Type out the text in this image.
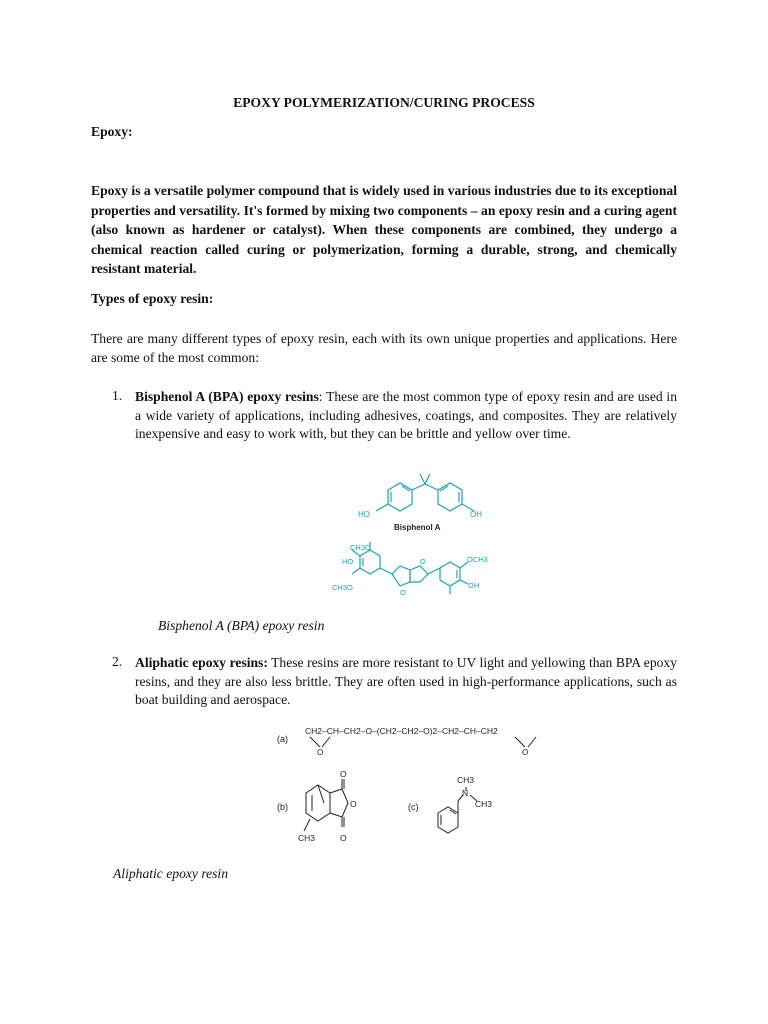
EPOXY POLYMERIZATION/CURING PROCESS
Epoxy:
Epoxy is a versatile polymer compound that is widely used in various industries due to its exceptional properties and versatility. It's formed by mixing two components – an epoxy resin and a curing agent (also known as hardener or catalyst). When these components are combined, they undergo a chemical reaction called curing or polymerization, forming a durable, strong, and chemically resistant material.
Types of epoxy resin:
There are many different types of epoxy resin, each with its own unique properties and applications. Here are some of the most common:
1. Bisphenol A (BPA) epoxy resins: These are the most common type of epoxy resin and are used in a wide variety of applications, including adhesives, coatings, and composites. They are relatively inexpensive and easy to work with, but they can be brittle and yellow over time.
HO	OH
Bisphenol A
CH3O
HO
CH3O
OCH3
OH
O
O
Bisphenol A (BPA) epoxy resin
2. Aliphatic epoxy resins: These resins are more resistant to UV light and yellowing than BPA epoxy resins, and they are also less brittle. They are often used in high-performance applications, such as boat building and aerospace.
(a)
CH2–CH–CH2–O–(CH2–CH2–O)2–CH2–CH–CH2
O	O
(b)
O
O
O
CH3
(c)
CH3
N
CH3
Aliphatic epoxy resin
